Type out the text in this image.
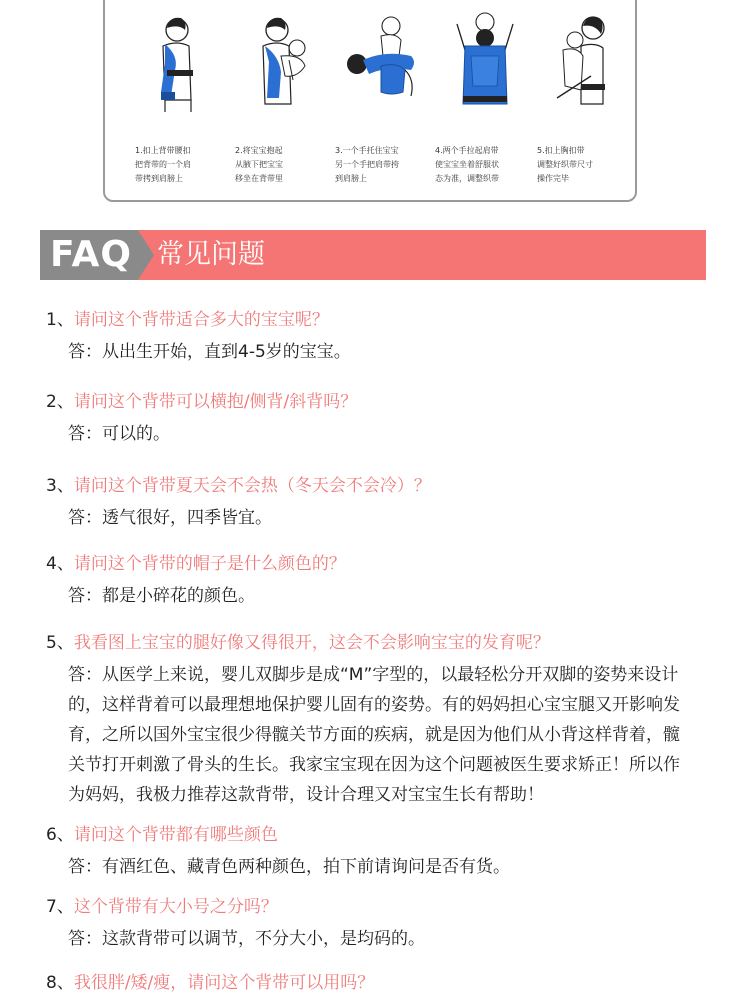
1.扣上背带腰扣
把背带的一个肩
带拷到肩膀上
2.将宝宝抱起
从腋下把宝宝
移坐在背带里
3.一个手托住宝宝
另一个手把肩带挎
到肩膀上
4.两个手拉起肩带
使宝宝坐着舒服状
态为准，调整织带
5.扣上胸扣带
调整好织带尺寸
操作完毕
FAQ 常见问题
1、请问这个背带适合多大的宝宝呢？
答：从出生开始，直到4-5岁的宝宝。
2、请问这个背带可以横抱/侧背/斜背吗？
答：可以的。
3、请问这个背带夏天会不会热（冬天会不会冷）？
答：透气很好，四季皆宜。
4、请问这个背带的帽子是什么颜色的？
答：都是小碎花的颜色。
5、我看图上宝宝的腿好像又得很开，这会不会影响宝宝的发育呢？
答：从医学上来说，婴儿双脚步是成“M”字型的，以最轻松分开双脚的姿势来设计的，这样背着可以最理想地保护婴儿固有的姿势。有的妈妈担心宝宝腿又开影响发育，之所以国外宝宝很少得髋关节方面的疾病，就是因为他们从小背这样背着，髋关节打开刺激了骨头的生长。我家宝宝现在因为这个问题被医生要求矫正！所以作为妈妈，我极力推荐这款背带，设计合理又对宝宝生长有帮助！
6、请问这个背带都有哪些颜色
答：有酒红色、藏青色两种颜色，拍下前请询问是否有货。
7、这个背带有大小号之分吗？
答：这款背带可以调节，不分大小，是均码的。
8、我很胖/矮/瘦，请问这个背带可以用吗？
